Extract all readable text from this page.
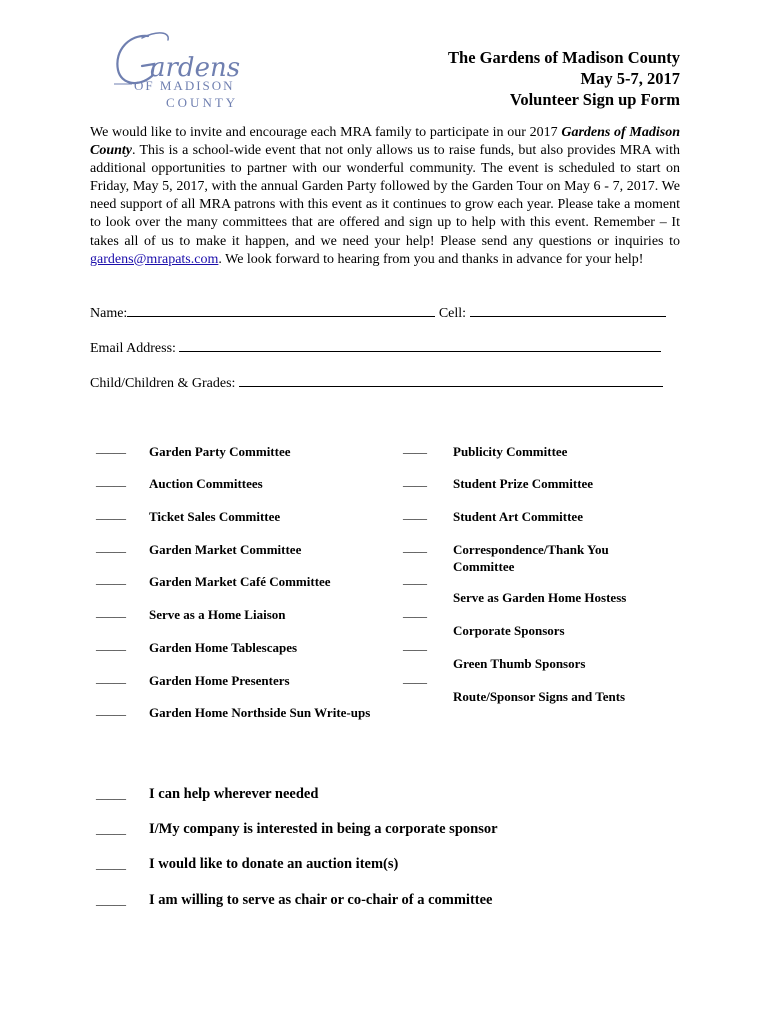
ardens
OF MADISON
COUNTY
The Gardens of Madison County
May 5-7, 2017
Volunteer Sign up Form
We would like to invite and encourage each MRA family to participate in our 2017 Gardens of Madison County. This is a school-wide event that not only allows us to raise funds, but also provides MRA with additional opportunities to partner with our wonderful community. The event is scheduled to start on Friday, May 5, 2017, with the annual Garden Party followed by the Garden Tour on May 6 - 7, 2017. We need support of all MRA patrons with this event as it continues to grow each year. Please take a moment to look over the many committees that are offered and sign up to help with this event. Remember – It takes all of us to make it happen, and we need your help! Please send any questions or inquiries to gardens@mrapats.com. We look forward to hearing from you and thanks in advance for your help!
Name:	Cell:
Email Address:
Child/Children & Grades:
_____ Garden Party Committee
_____ Auction Committees
_____ Ticket Sales Committee
_____ Garden Market Committee
_____ Garden Market Café Committee
_____ Serve as a Home Liaison
_____ Garden Home Tablescapes
_____ Garden Home Presenters
_____ Garden Home Northside Sun Write-ups
____ Publicity Committee
____ Student Prize Committee
____ Student Art Committee
____ Correspondence/Thank You Committee
____
Serve as Garden Home Hostess
____
Corporate Sponsors
____
Green Thumb Sponsors
____
Route/Sponsor Signs and Tents
_____ I can help wherever needed
_____ I/My company is interested in being a corporate sponsor
_____ I would like to donate an auction item(s)
_____ I am willing to serve as chair or co-chair of a committee
